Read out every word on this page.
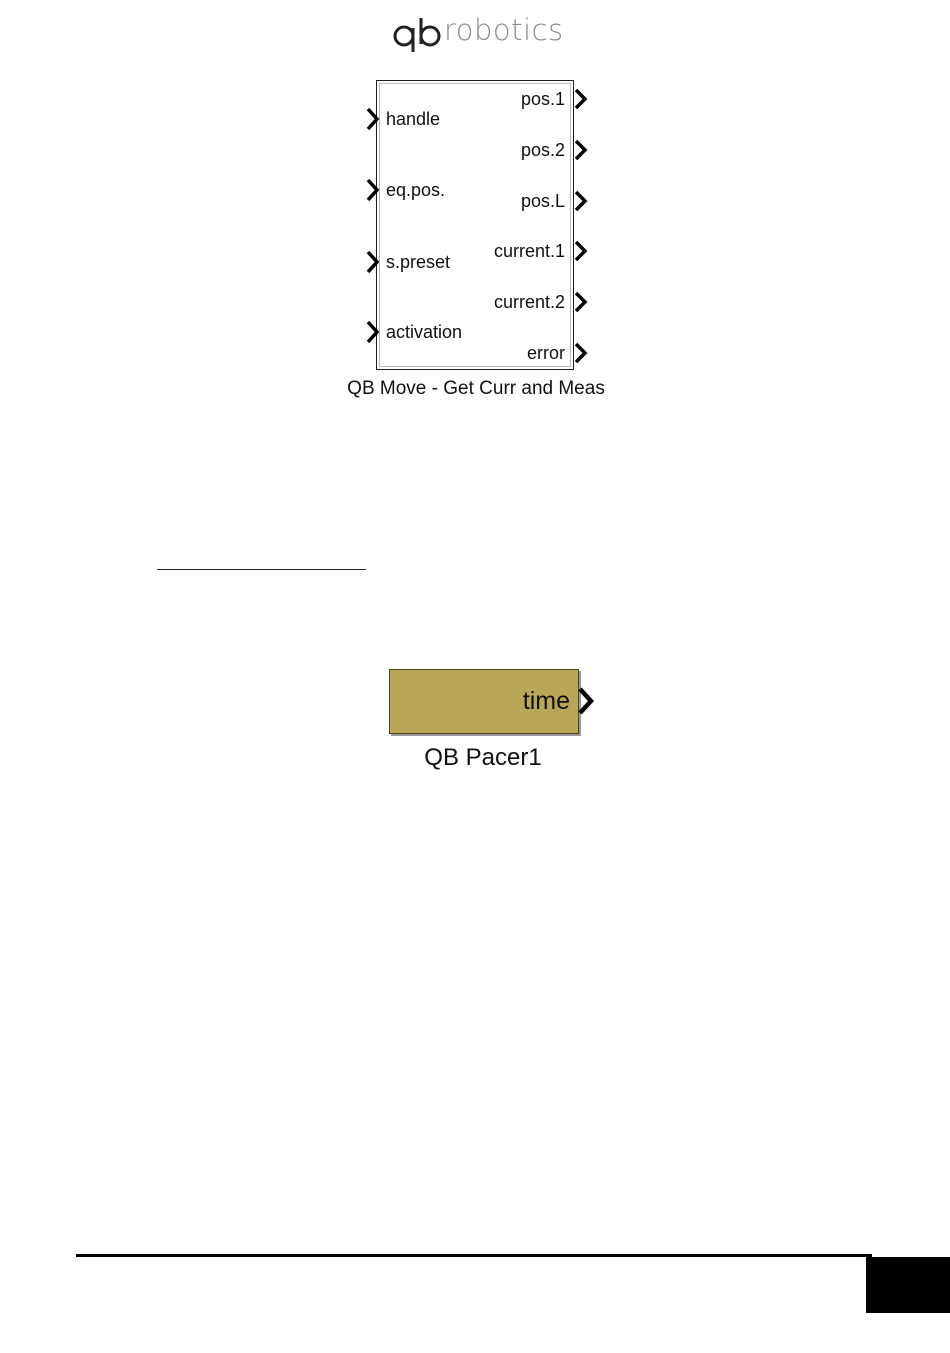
robotics
handle
eq.pos.
s.preset
activation
pos.1
pos.2
pos.L
current.1
current.2
error
QB Move - Get Curr and Meas
time
QB Pacer1
